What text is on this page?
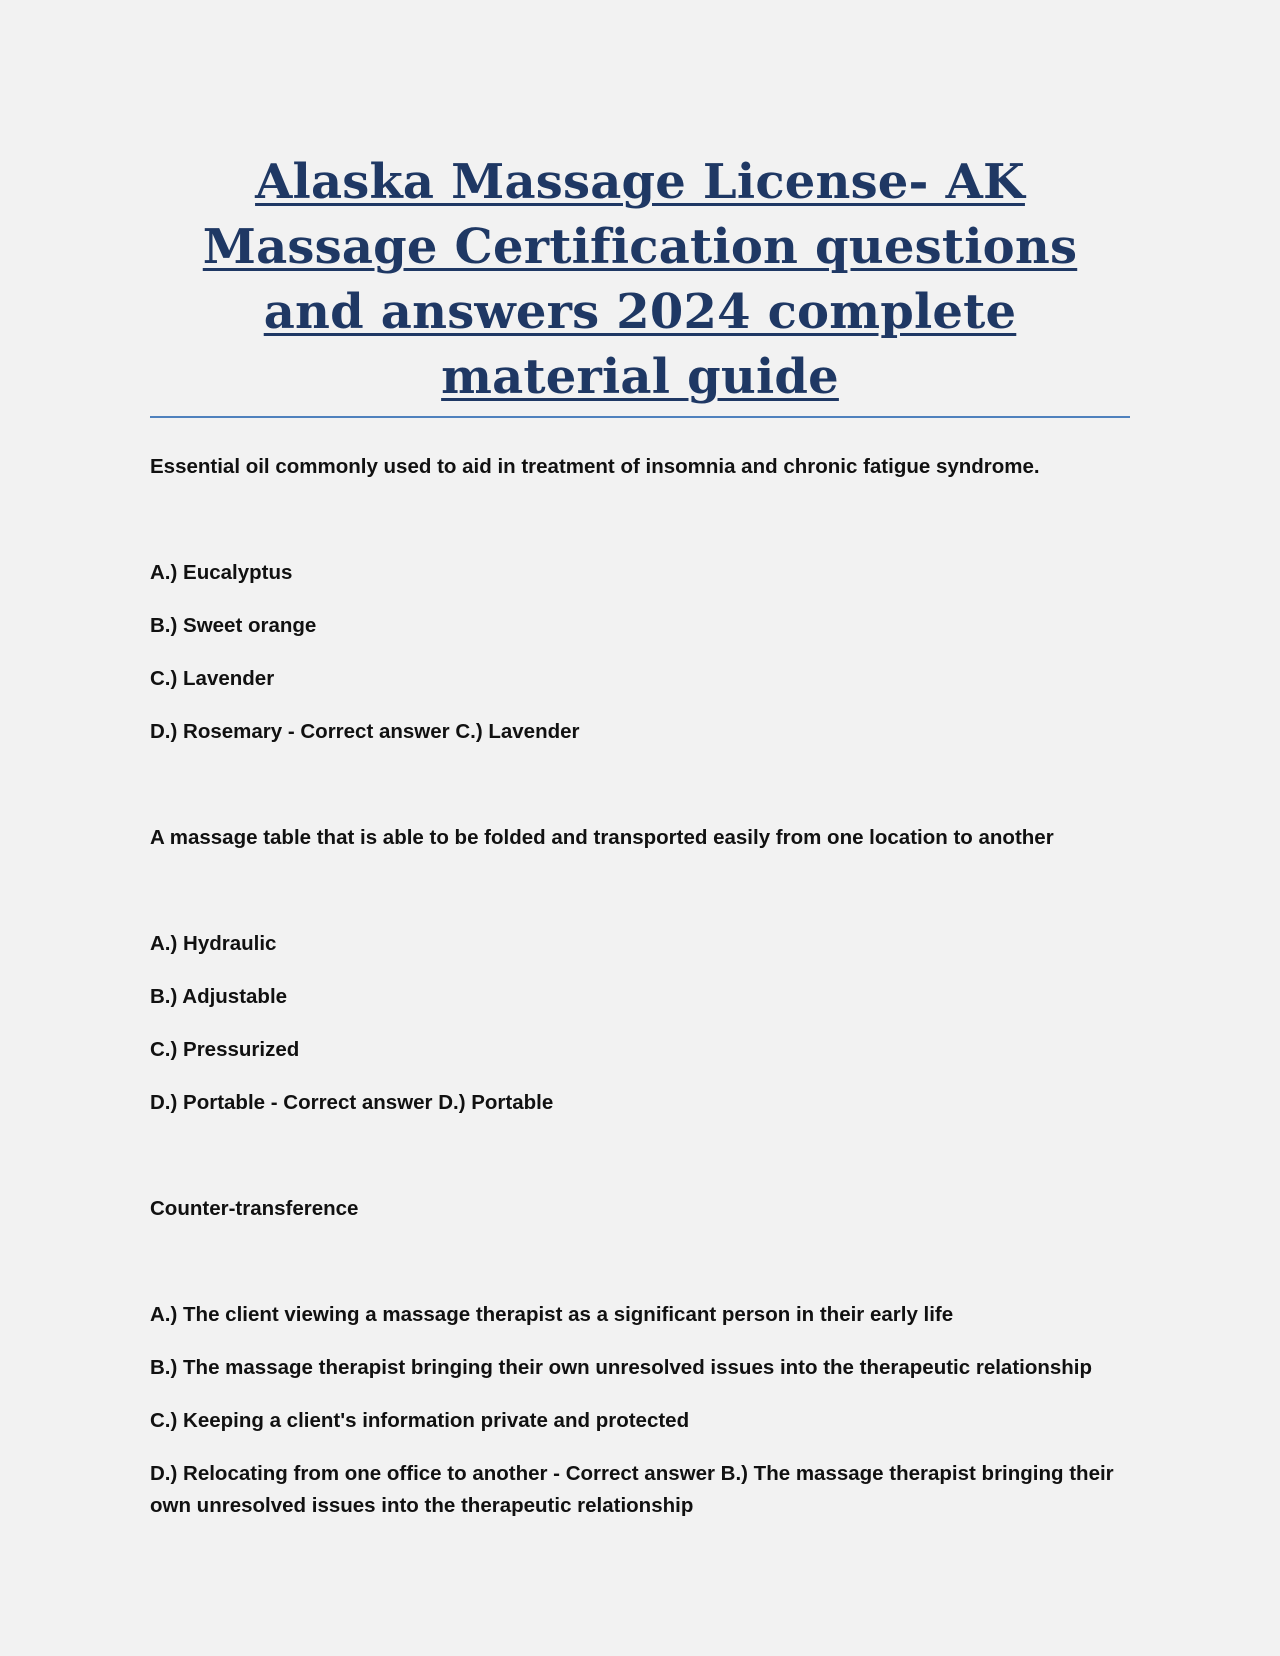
Alaska Massage License- AK Massage Certification questions and answers 2024 complete material guide
Essential oil commonly used to aid in treatment of insomnia and chronic fatigue syndrome.
A.) Eucalyptus
B.) Sweet orange
C.) Lavender
D.) Rosemary - Correct answer C.) Lavender
A massage table that is able to be folded and transported easily from one location to another
A.) Hydraulic
B.) Adjustable
C.) Pressurized
D.) Portable - Correct answer D.) Portable
Counter-transference
A.) The client viewing a massage therapist as a significant person in their early life
B.) The massage therapist bringing their own unresolved issues into the therapeutic relationship
C.) Keeping a client's information private and protected
D.) Relocating from one office to another - Correct answer B.) The massage therapist bringing their own unresolved issues into the therapeutic relationship
